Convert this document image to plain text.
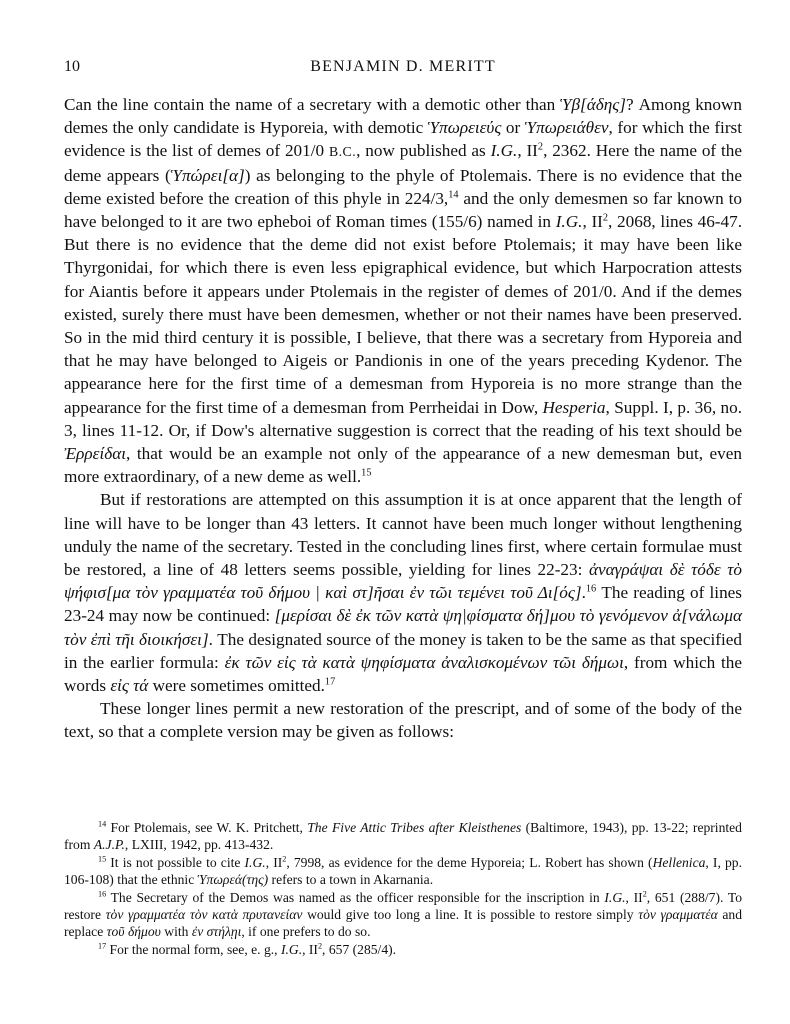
10	BENJAMIN D. MERITT

Can the line contain the name of a secretary with a demotic other than Ὑβ[άδης]? Among known demes the only candidate is Hyporeia, with demotic Ὑπωρειεύς or Ὑπωρειάθεν, for which the first evidence is the list of demes of 201/0 B.C., now published as I.G., $II^2$, 2362. Here the name of the deme appears (Ὑπώρει[α]) as belonging to the phyle of Ptolemais. There is no evidence that the deme existed before the creation of this phyle in 224/3,14 and the only demesmen so far known to have belonged to it are two epheboi of Roman times (155/6) named in I.G., $II^2$, 2068, lines 46-47. But there is no evidence that the deme did not exist before Ptolemais; it may have been like Thyrgonidai, for which there is even less epigraphical evidence, but which Harpocration attests for Aiantis before it appears under Ptolemais in the register of demes of 201/0. And if the demes existed, surely there must have been demesmen, whether or not their names have been preserved. So in the mid third century it is possible, I believe, that there was a secretary from Hyporeia and that he may have belonged to Aigeis or Pandionis in one of the years preceding Kydenor. The appearance here for the first time of a demesman from Hyporeia is no more strange than the appearance for the first time of a demesman from Perrheidai in Dow, Hesperia, Suppl. I, p. 36, no. 3, lines 11-12. Or, if Dow's alternative suggestion is correct that the reading of his text should be Ἐρρείδαι, that would be an example not only of the appearance of a new demesman but, even more extraordinary, of a new deme as well.$^{15}$

But if restorations are attempted on this assumption it is at once apparent that the length of line will have to be longer than 43 letters. It cannot have been much longer without lengthening unduly the name of the secretary. Tested in the concluding lines first, where certain formulae must be restored, a line of 48 letters seems possible, yielding for lines 22-23: ἀναγράψαι δὲ τόδε τὸ ψήφισ[μα τὸν γραμματέα τοῦ δήμου | καὶ στ]ῆσαι ἐν τῶι τεμένει τοῦ Δι[ός].$^{16}$ The reading of lines 23-24 may now be continued: [μερίσαι δὲ ἐκ τῶν κατὰ ψη|φίσματα δή]μου τὸ γενόμενον ἀ[νάλωμα τὸν ἐπὶ τῆι διοικήσει]. The designated source of the money is taken to be the same as that specified in the earlier formula: ἐκ τῶν εἰς τὰ κατὰ ψηφίσματα ἀναλισκομένων τῶι δήμωι, from which the words εἰς τά were sometimes omitted.$^{17}$

These longer lines permit a new restoration of the prescript, and of some of the body of the text, so that a complete version may be given as follows:

$^{14}$ For Ptolemais, see W. K. Pritchett, The Five Attic Tribes after Kleisthenes (Baltimore, 1943), pp. 13-22; reprinted from A.J.P., LXIII, 1942, pp. 413-432.

$^{15}$ It is not possible to cite I.G., $II^2$, 7998, as evidence for the deme Hyporeia; L. Robert has shown (Hellenica, I, pp. 106-108) that the ethnic Ὑπωρεά(της) refers to a town in Akarnania.

$^{16}$ The Secretary of the Demos was named as the officer responsible for the inscription in I.G., $II^2$, 651 (288/7). To restore τὸν γραμματέα τὸν κατὰ πρυτανείαν would give too long a line. It is possible to restore simply τὸν γραμματέα and replace τοῦ δήμου with ἐν στήλῃι, if one prefers to do so.

$^{17}$ For the normal form, see, e. g., I.G., $II^2$, 657 (285/4).
